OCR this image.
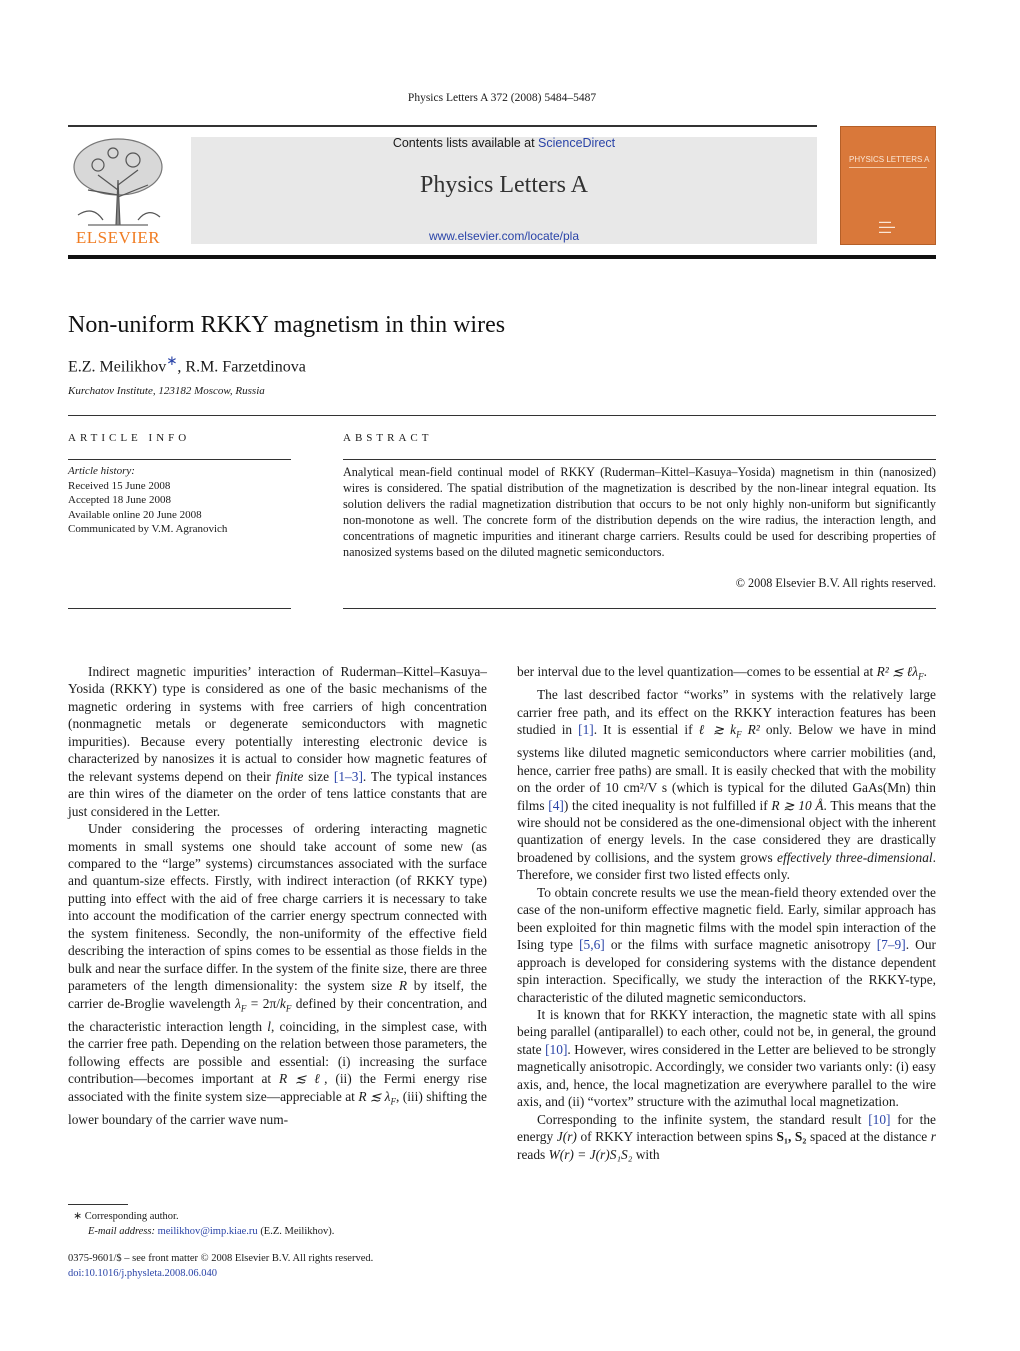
Physics Letters A 372 (2008) 5484–5487
ELSEVIER
Contents lists available at ScienceDirect
Physics Letters A
www.elsevier.com/locate/pla
PHYSICS LETTERS A
▬▬▬
▬▬▬▬
▬▬▬
Non-uniform RKKY magnetism in thin wires
E.Z. Meilikhov∗, R.M. Farzetdinova
Kurchatov Institute, 123182 Moscow, Russia
ARTICLE INFO	ABSTRACT
Article history:
Received 15 June 2008
Accepted 18 June 2008
Available online 20 June 2008
Communicated by V.M. Agranovich
Analytical mean-field continual model of RKKY (Ruderman–Kittel–Kasuya–Yosida) magnetism in thin (nanosized) wires is considered. The spatial distribution of the magnetization is described by the non-linear integral equation. Its solution delivers the radial magnetization distribution that occurs to be not only highly non-uniform but significantly non-monotone as well. The concrete form of the distribution depends on the wire radius, the interaction length, and concentrations of magnetic impurities and itinerant charge carriers. Results could be used for describing properties of nanosized systems based on the diluted magnetic semiconductors.
© 2008 Elsevier B.V. All rights reserved.

Indirect magnetic impurities’ interaction of Ruderman–Kittel–Kasuya–Yosida (RKKY) type is considered as one of the basic mechanisms of the magnetic ordering in systems with free carriers of high concentration (nonmagnetic metals or degenerate semiconductors with magnetic impurities). Because every potentially interesting electronic device is characterized by nanosizes it is actual to consider how magnetic features of the relevant systems depend on their finite size [1–3]. The typical instances are thin wires of the diameter on the order of tens lattice constants that are just considered in the Letter.

Under considering the processes of ordering interacting magnetic moments in small systems one should take account of some new (as compared to the “large” systems) circumstances associated with the surface and quantum-size effects. Firstly, with indirect interaction (of RKKY type) putting into effect with the aid of free charge carriers it is necessary to take into account the modification of the carrier energy spectrum connected with the system finiteness. Secondly, the non-uniformity of the effective field describing the interaction of spins comes to be essential as those fields in the bulk and near the surface differ. In the system of the finite size, there are three parameters of the length dimensionality: the system size R by itself, the carrier de-Broglie wavelength $\lambda_F = 2\pi/k_F$ defined by their concentration, and the characteristic interaction length l, coinciding, in the simplest case, with the carrier free path. Depending on the relation between those parameters, the following effects are possible and essential: (i) increasing the surface contribution—becomes important at R ≲ ℓ, (ii) the Fermi energy rise associated with the finite system size—appreciable at R ≲ $\lambda_F$, (iii) shifting the lower boundary of the carrier wave num-

ber interval due to the level quantization—comes to be essential at R² ≲ ℓλ$_F$.

The last described factor “works” in systems with the relatively large carrier free path, and its effect on the RKKY interaction features has been studied in [1]. It is essential if ℓ ≳ $k_F$ R² only. Below we have in mind systems like diluted magnetic semiconductors where carrier mobilities (and, hence, carrier free paths) are small. It is easily checked that with the mobility on the order of 10 cm²/V s (which is typical for the diluted GaAs(Mn) thin films [4]) the cited inequality is not fulfilled if R ≳ 10 Å. This means that the wire should not be considered as the one-dimensional object with the inherent quantization of energy levels. In the case considered they are drastically broadened by collisions, and the system grows effectively three-dimensional. Therefore, we consider first two listed effects only.

To obtain concrete results we use the mean-field theory extended over the case of the non-uniform effective magnetic field. Early, similar approach has been exploited for thin magnetic films with the model spin interaction of the Ising type [5,6] or the films with surface magnetic anisotropy [7–9]. Our approach is developed for considering systems with the distance dependent spin interaction. Specifically, we study the interaction of the RKKY-type, characteristic of the diluted magnetic semiconductors.

It is known that for RKKY interaction, the magnetic state with all spins being parallel (antiparallel) to each other, could not be, in general, the ground state [10]. However, wires considered in the Letter are believed to be strongly magnetically anisotropic. Accordingly, we consider two variants only: (i) easy axis, and, hence, the local magnetization are everywhere parallel to the wire axis, and (ii) “vortex” structure with the azimuthal local magnetization.

Corresponding to the infinite system, the standard result [10] for the energy J(r) of RKKY interaction between spins S₁, S₂ spaced at the distance r reads W(r) = J(r)S₁S₂ with

∗ Corresponding author.
E-mail address: meilikhov@imp.kiae.ru (E.Z. Meilikhov).
0375-9601/$ – see front matter © 2008 Elsevier B.V. All rights reserved.
doi:10.1016/j.physleta.2008.06.040
